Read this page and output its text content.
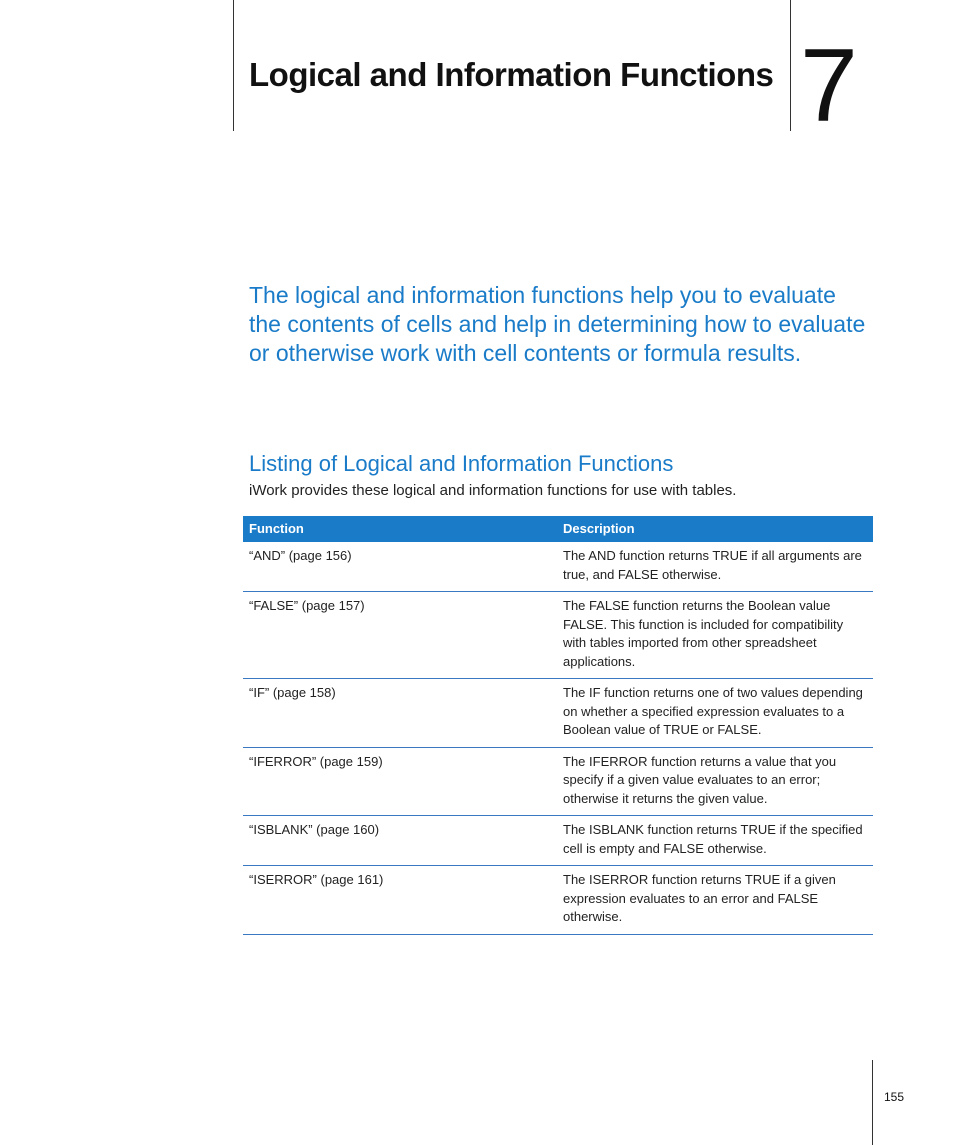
Logical and Information Functions 7

The logical and information functions help you to evaluate the contents of cells and help in determining how to evaluate or otherwise work with cell contents or formula results.

Listing of Logical and Information Functions

iWork provides these logical and information functions for use with tables.

Function	Description
“AND” (page 156)	The AND function returns TRUE if all arguments are true, and FALSE otherwise.
“FALSE” (page 157)	The FALSE function returns the Boolean value FALSE. This function is included for compatibility with tables imported from other spreadsheet applications.
“IF” (page 158)	The IF function returns one of two values depending on whether a specified expression evaluates to a Boolean value of TRUE or FALSE.
“IFERROR” (page 159)	The IFERROR function returns a value that you specify if a given value evaluates to an error; otherwise it returns the given value.
“ISBLANK” (page 160)	The ISBLANK function returns TRUE if the specified cell is empty and FALSE otherwise.
“ISERROR” (page 161)	The ISERROR function returns TRUE if a given expression evaluates to an error and FALSE otherwise.
155
